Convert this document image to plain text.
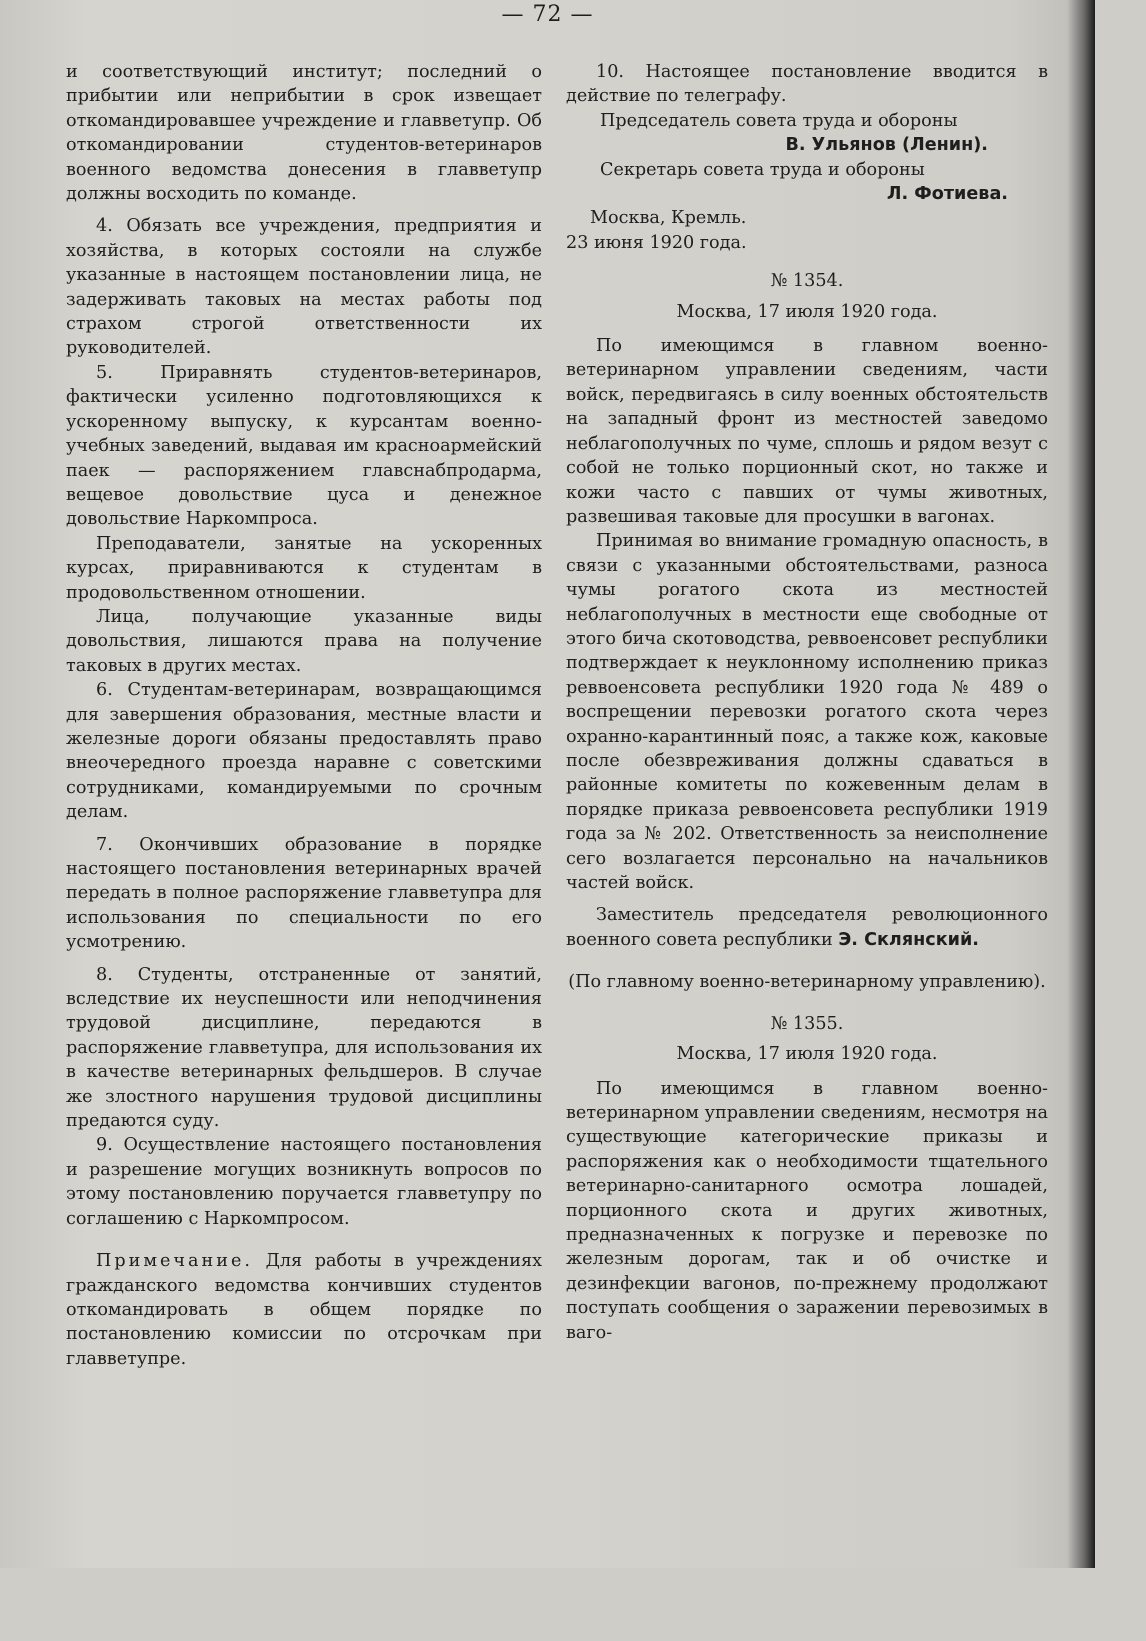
— 72 —

и соответствующий институт; последний о прибытии или неприбытии в срок извещает откомандировавшее учреждение и главветупр. Об откомандировании студентов-ветеринаров военного ведомства донесения в главветупр должны восходить по команде.

4. Обязать все учреждения, предприятия и хозяйства, в которых состояли на службе указанные в настоящем постановлении лица, не задерживать таковых на местах работы под страхом строгой ответственности их руководителей.

5. Приравнять студентов-ветеринаров, фактически усиленно подготовляющихся к ускоренному выпуску, к курсантам военно-учебных заведений, выдавая им красноармейский паек — распоряжением главснабпродарма, вещевое довольствие цуса и денежное довольствие Наркомпроса.

Преподаватели, занятые на ускоренных курсах, приравниваются к студентам в продовольственном отношении.

Лица, получающие указанные виды довольствия, лишаются права на получение таковых в других местах.

6. Студентам-ветеринарам, возвращающимся для завершения образования, местные власти и железные дороги обязаны предоставлять право внеочередного проезда наравне с советскими сотрудниками, командируемыми по срочным делам.

7. Окончивших образование в порядке настоящего постановления ветеринарных врачей передать в полное распоряжение главветупра для использования по специальности по его усмотрению.

8. Студенты, отстраненные от занятий, вследствие их неуспешности или неподчинения трудовой дисциплине, передаются в распоряжение главветупра, для использования их в качестве ветеринарных фельдшеров. В случае же злостного нарушения трудовой дисциплины предаются суду.

9. Осуществление настоящего постановления и разрешение могущих возникнуть вопросов по этому постановлению поручается главветупру по соглашению с Наркомпросом.

Примечание. Для работы в учреждениях гражданского ведомства кончивших студентов откомандировать в общем порядке по постановлению комиссии по отсрочкам при главветупре.

10. Настоящее постановление вводится в действие по телеграфу.

Председатель совета труда и обороны

В. Ульянов (Ленин).

Секретарь совета труда и обороны

Л. Фотиева.

Москва, Кремль.

23 июня 1920 года.

№ 1354.

Москва, 17 июля 1920 года.

По имеющимся в главном военно-ветеринарном управлении сведениям, части войск, передвигаясь в силу военных обстоятельств на западный фронт из местностей заведомо неблагополучных по чуме, сплошь и рядом везут с собой не только порционный скот, но также и кожи часто с павших от чумы животных, развешивая таковые для просушки в вагонах.

Принимая во внимание громадную опасность, в связи с указанными обстоятельствами, разноса чумы рогатого скота из местностей неблагополучных в местности еще свободные от этого бича скотоводства, реввоенсовет республики подтверждает к неуклонному исполнению приказ реввоенсовета республики 1920 года № 489 о воспрещении перевозки рогатого скота через охранно-карантинный пояс, а также кож, каковые после обезвреживания должны сдаваться в районные комитеты по кожевенным делам в порядке приказа реввоенсовета республики 1919 года за № 202. Ответственность за неисполнение сего возлагается персонально на начальников частей войск.

Заместитель председателя революционного военного совета республики Э. Склянский.

(По главному военно-ветеринарному управлению).

№ 1355.

Москва, 17 июля 1920 года.

По имеющимся в главном военно-ветеринарном управлении сведениям, несмотря на существующие категорические приказы и распоряжения как о необходимости тщательного ветеринарно-санитарного осмотра лошадей, порционного скота и других животных, предназначенных к погрузке и перевозке по железным дорогам, так и об очистке и дезинфекции вагонов, по-прежнему продолжают поступать сообщения о заражении перевозимых в ваго-
